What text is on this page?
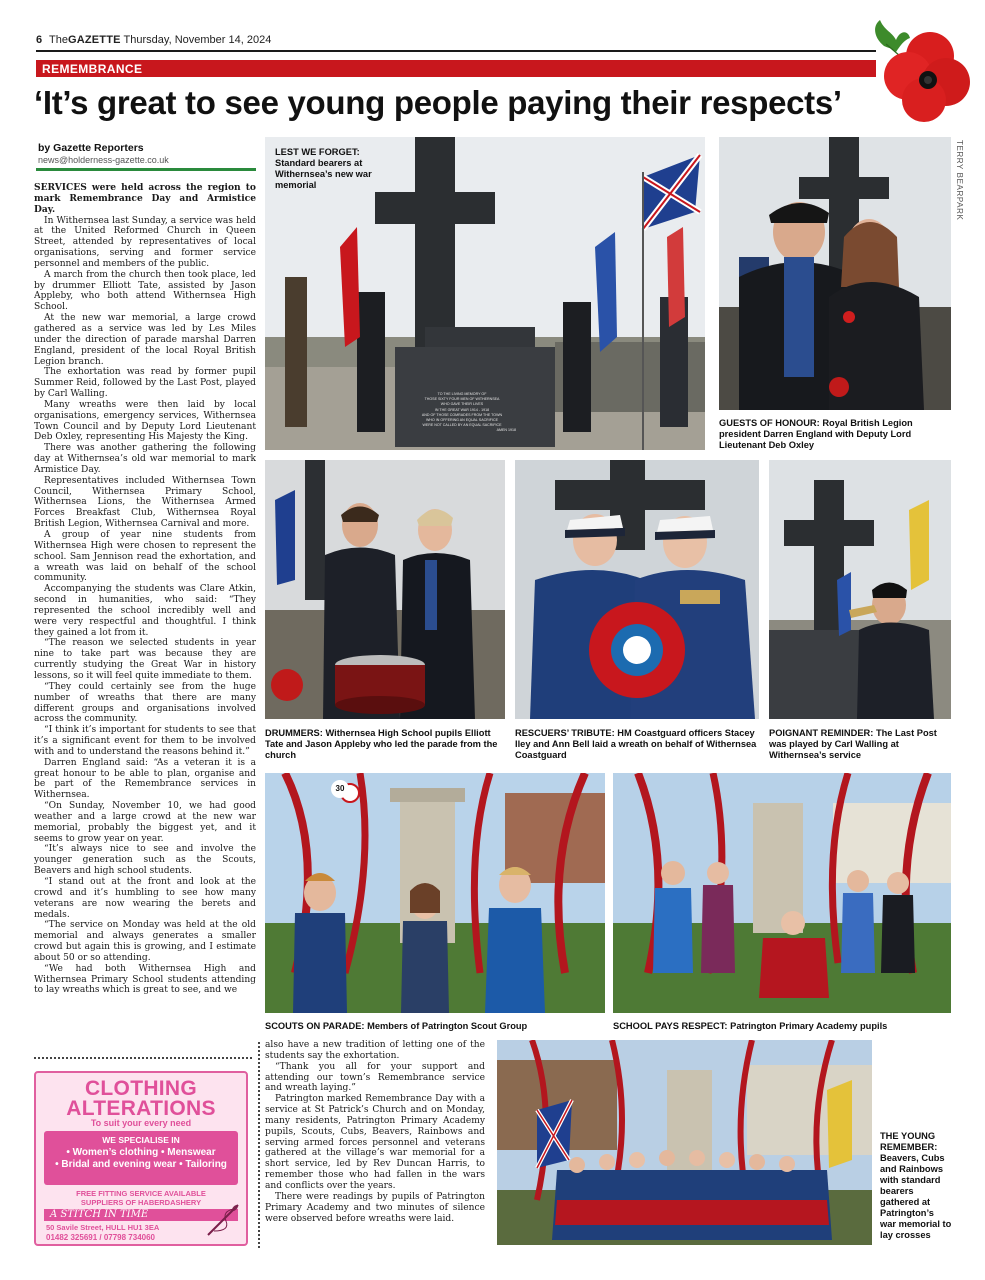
6 TheGAZETTE Thursday, November 14, 2024
REMEMBRANCE
‘It’s great to see young people paying their respects’
by Gazette Reporters
news@holderness-gazette.co.uk

SERVICES were held across the region to mark Remembrance Day and Armistice Day.

In Withernsea last Sunday, a service was held at the United Reformed Church in Queen Street, attended by representatives of local organisations, serving and former service personnel and members of the public.

A march from the church then took place, led by drummer Elliott Tate, assisted by Jason Appleby, who both attend Withernsea High School.

At the new war memorial, a large crowd gathered as a service was led by Les Miles under the direction of parade marshal Darren England, president of the local Royal British Legion branch.

The exhortation was read by former pupil Summer Reid, followed by the Last Post, played by Carl Walling.

Many wreaths were then laid by local organisations, emergency services, Withernsea Town Council and by Deputy Lord Lieutenant Deb Oxley, representing His Majesty the King.

There was another gathering the following day at Withernsea’s old war memorial to mark Armistice Day.

Representatives included Withernsea Town Council, Withernsea Primary School, Withernsea Lions, the Withernsea Armed Forces Breakfast Club, Withernsea Royal British Legion, Withernsea Carnival and more.

A group of year nine students from Withernsea High were chosen to represent the school. Sam Jennison read the exhortation, and a wreath was laid on behalf of the school community.

Accompanying the students was Clare Atkin, second in humanities, who said: “They represented the school incredibly well and were very respectful and thoughtful. I think they gained a lot from it.

“The reason we selected students in year nine to take part was because they are currently studying the Great War in history lessons, so it will feel quite immediate to them.

“They could certainly see from the huge number of wreaths that there are many different groups and organisations involved across the community.

“I think it’s important for students to see that it’s a significant event for them to be involved with and to understand the reasons behind it.”

Darren England said: “As a veteran it is a great honour to be able to plan, organise and be part of the Remembrance services in Withernsea.

“On Sunday, November 10, we had good weather and a large crowd at the new war memorial, probably the biggest yet, and it seems to grow year on year.

“It’s always nice to see and involve the younger generation such as the Scouts, Beavers and high school students.

“I stand out at the front and look at the crowd and it’s humbling to see how many veterans are now wearing the berets and medals.

“The service on Monday was held at the old memorial and always generates a smaller crowd but again this is growing, and I estimate about 50 or so attending.

“We had both Withernsea High and Withernsea Primary School students attending to lay wreaths which is great to see, and we

also have a new tradition of letting one of the students say the exhortation.

“Thank you all for your support and attending our town’s Remembrance service and wreath laying.”

Patrington marked Remembrance Day with a service at St Patrick’s Church and on Monday, many residents, Patrington Primary Academy pupils, Scouts, Cubs, Beavers, Rainbows and serving armed forces personnel and veterans gathered at the village’s war memorial for a short service, led by Rev Duncan Harris, to remember those who had fallen in the wars and conflicts over the years.

There were readings by pupils of Patrington Primary Academy and two minutes of silence were observed before wreaths were laid.

TERRY BEARPARK
LEST WE FORGET:
Standard bearers at Withernsea’s new war memorial
TO THE LIVING MEMORY OF
THOSE SIXTY FOUR MEN OF WITHERNSEA
WHO GAVE THEIR LIVES
IN THE GREAT WAR 1914 - 1918
AND OF THOSE COMRADES FROM THE TOWN
WHO IN OFFERING AN EQUAL SACRIFICE
WERE NOT CALLED BY AN EQUAL SACRIFICE
AMEN 1918
GUESTS OF HONOUR: Royal British Legion president Darren England with Deputy Lord Lieutenant Deb Oxley
DRUMMERS: Withernsea High School pupils Elliott Tate and Jason Appleby who led the parade from the church
RESCUERS’ TRIBUTE: HM Coastguard officers Stacey Iley and Ann Bell laid a wreath on behalf of Withernsea Coastguard
POIGNANT REMINDER: The Last Post was played by Carl Walling at Withernsea’s service
30
SCOUTS ON PARADE: Members of Patrington Scout Group	SCHOOL PAYS RESPECT: Patrington Primary Academy pupils
THE YOUNG REMEMBER:
Beavers, Cubs and Rainbows with standard bearers gathered at Patrington’s war memorial to lay crosses
CLOTHING
ALTERATIONS
To suit your every need
WE SPECIALISE IN
• Women’s clothing • Menswear
• Bridal and evening wear • Tailoring
FREE FITTING SERVICE AVAILABLE
SUPPLIERS OF HABERDASHERY
A STITCH IN TIME
50 Savile Street, HULL HU1 3EA
01482 325691 / 07798 734060
